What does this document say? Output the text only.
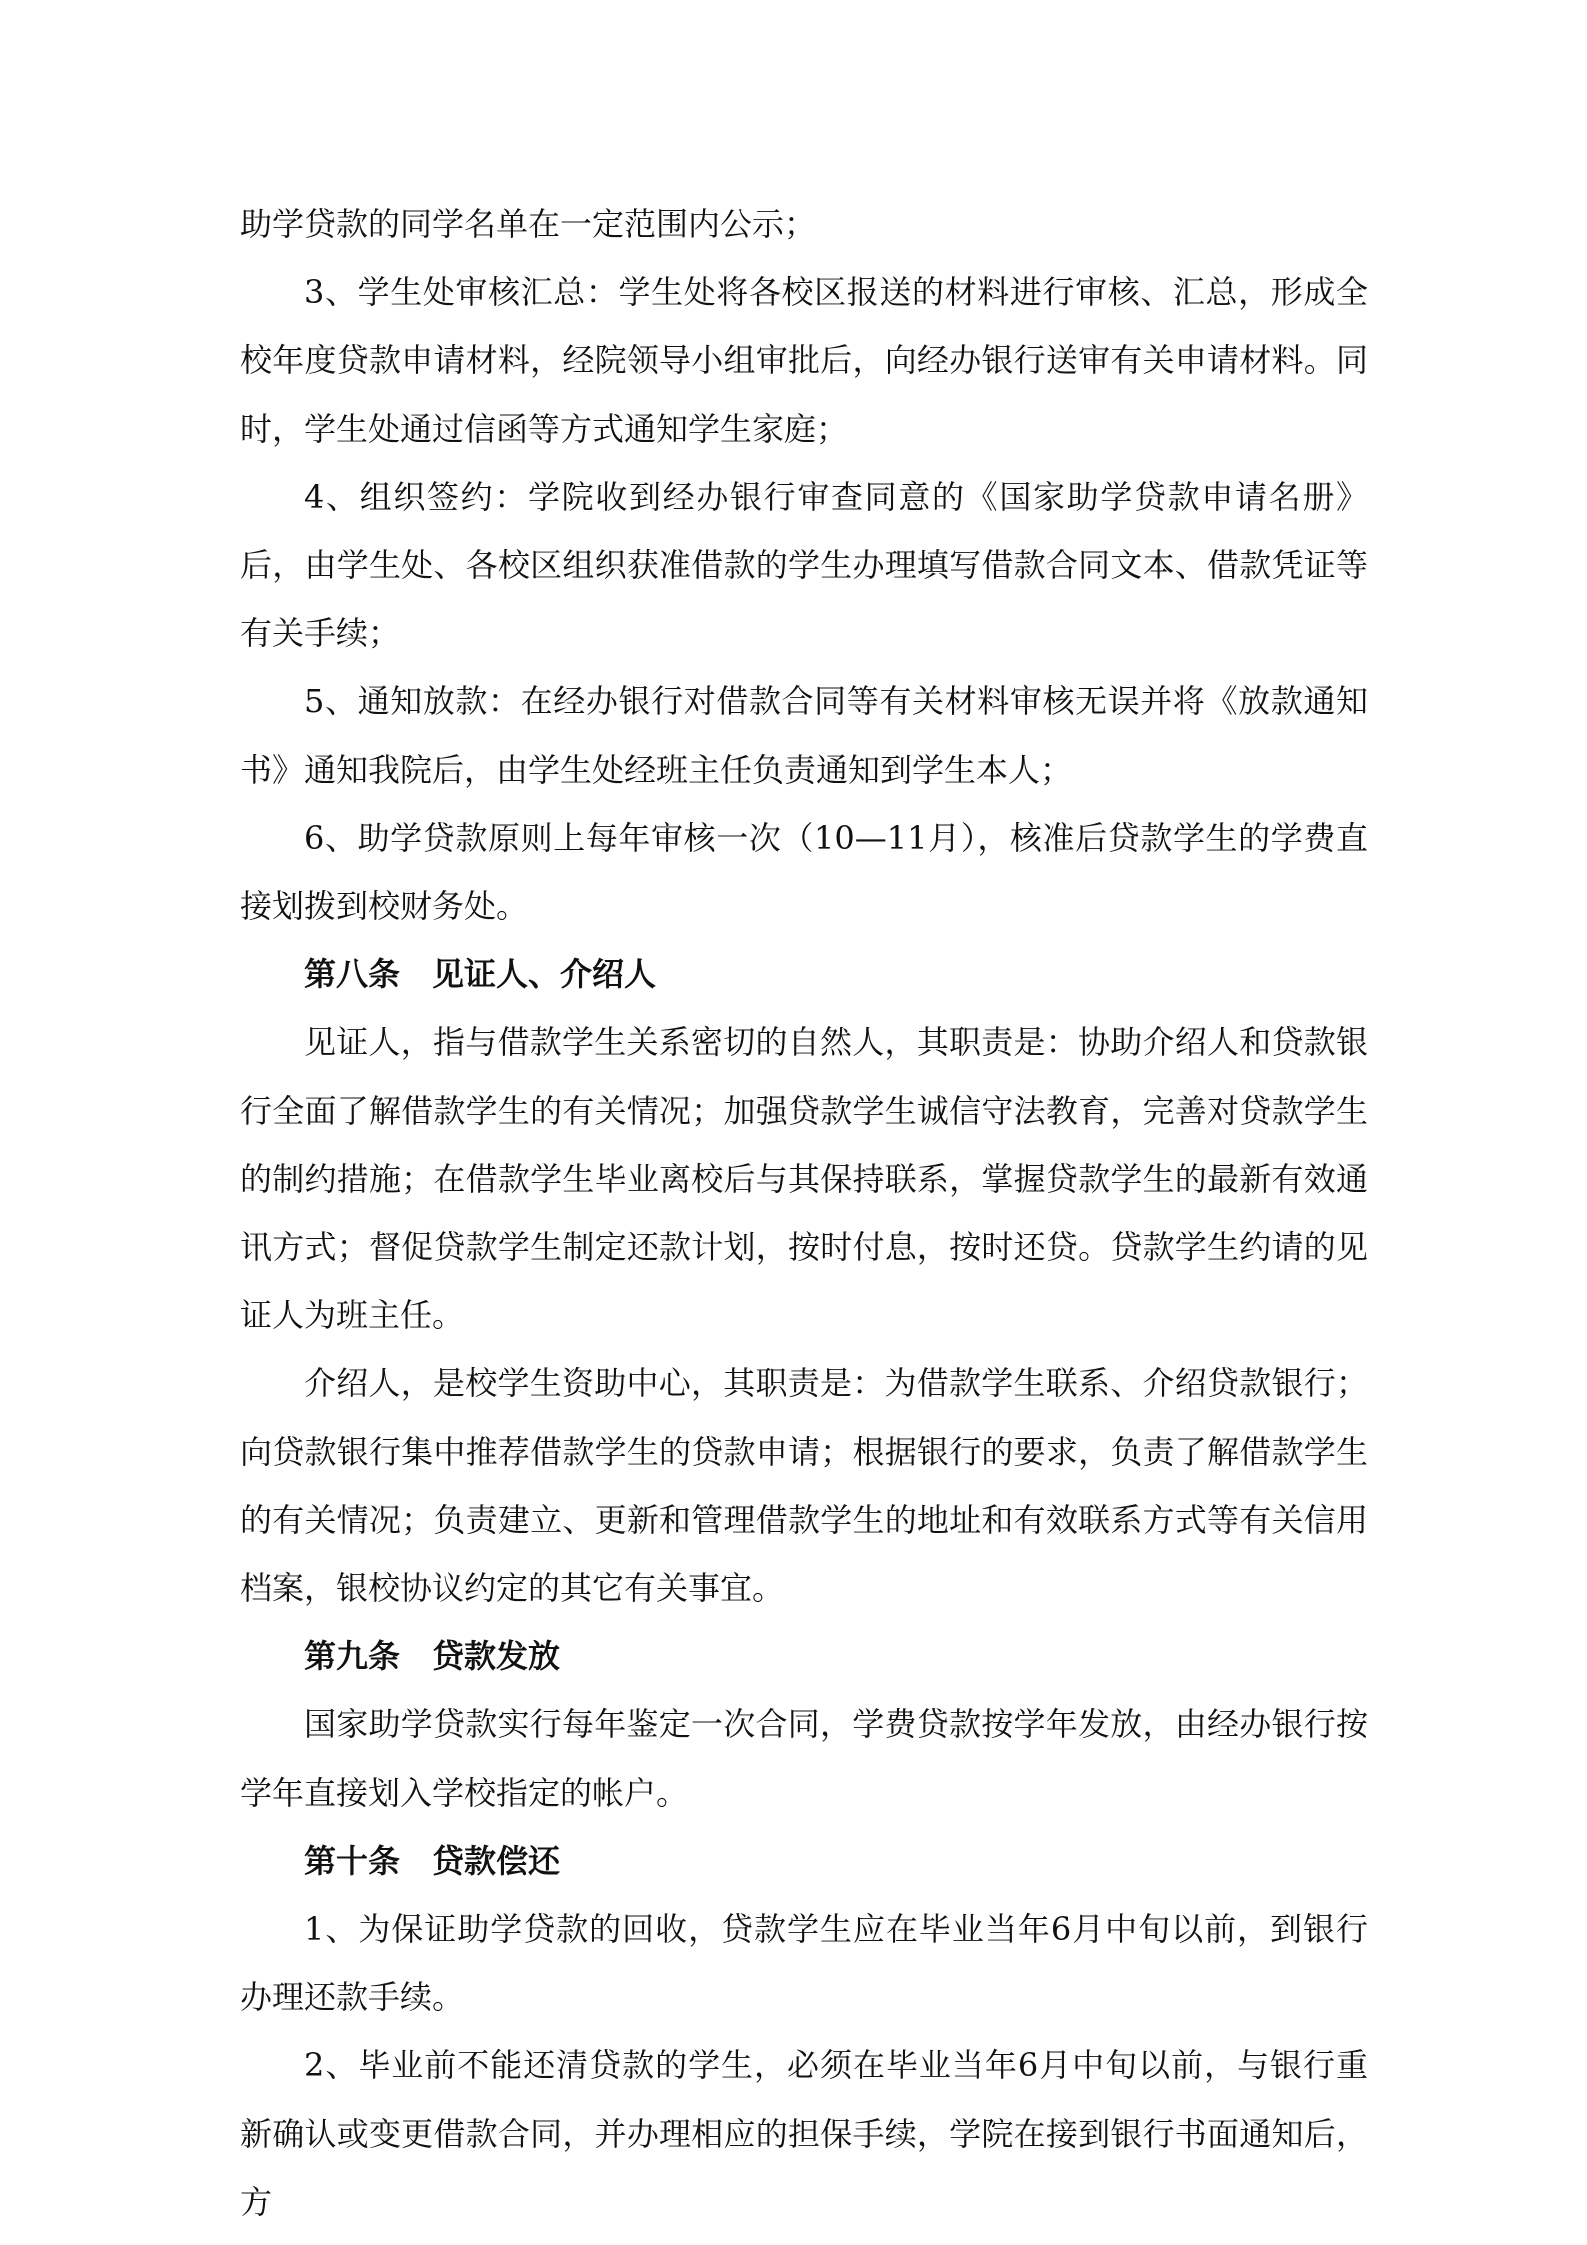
助学贷款的同学名单在一定范围内公示；

3、学生处审核汇总：学生处将各校区报送的材料进行审核、汇总，形成全校年度贷款申请材料，经院领导小组审批后，向经办银行送审有关申请材料。同时，学生处通过信函等方式通知学生家庭；

4、组织签约：学院收到经办银行审查同意的《国家助学贷款申请名册》后，由学生处、各校区组织获准借款的学生办理填写借款合同文本、借款凭证等有关手续；

5、通知放款：在经办银行对借款合同等有关材料审核无误并将《放款通知书》通知我院后，由学生处经班主任负责通知到学生本人；

6、助学贷款原则上每年审核一次（10—11月），核准后贷款学生的学费直接划拨到校财务处。

第八条　见证人、介绍人

见证人，指与借款学生关系密切的自然人，其职责是：协助介绍人和贷款银行全面了解借款学生的有关情况；加强贷款学生诚信守法教育，完善对贷款学生的制约措施；在借款学生毕业离校后与其保持联系，掌握贷款学生的最新有效通讯方式；督促贷款学生制定还款计划，按时付息，按时还贷。贷款学生约请的见证人为班主任。

介绍人，是校学生资助中心，其职责是：为借款学生联系、介绍贷款银行；向贷款银行集中推荐借款学生的贷款申请；根据银行的要求，负责了解借款学生的有关情况；负责建立、更新和管理借款学生的地址和有效联系方式等有关信用档案，银校协议约定的其它有关事宜。

第九条　贷款发放

国家助学贷款实行每年鉴定一次合同，学费贷款按学年发放，由经办银行按学年直接划入学校指定的帐户。

第十条　贷款偿还

1、为保证助学贷款的回收，贷款学生应在毕业当年6月中旬以前，到银行办理还款手续。

2、毕业前不能还清贷款的学生，必须在毕业当年6月中旬以前，与银行重新确认或变更借款合同，并办理相应的担保手续，学院在接到银行书面通知后，方
